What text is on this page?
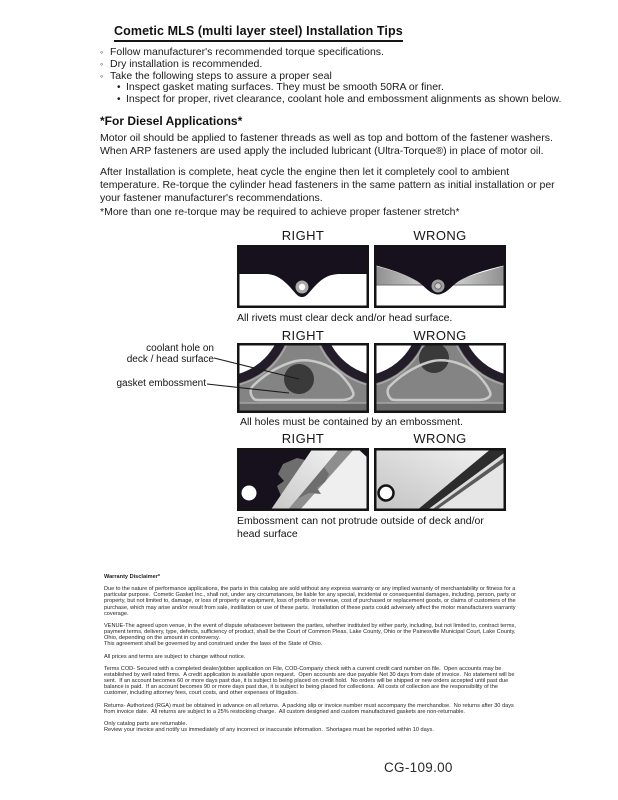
Cometic MLS (multi layer steel) Installation Tips
◦ Follow manufacturer's recommended torque specifications.
◦ Dry installation is recommended.
◦ Take the following steps to assure a proper seal
• Inspect gasket mating surfaces. They must be smooth 50RA or finer.
• Inspect for proper, rivet clearance, coolant hole and embossment alignments as shown below.
*For Diesel Applications*
Motor oil should be applied to fastener threads as well as top and bottom of the fastener washers. When ARP fasteners are used apply the included lubricant (Ultra-Torque®) in place of motor oil.
After Installation is complete, heat cycle the engine then let it completely cool to ambient temperature. Re-torque the cylinder head fasteners in the same pattern as initial installation or per your fastener manufacturer's recommendations.
*More than one re-torque may be required to achieve proper fastener stretch*
RIGHT	WRONG
All rivets must clear deck and/or head surface.
RIGHT	WRONG
coolant hole on
deck / head surface
gasket embossment
All holes must be contained by an embossment.
RIGHT	WRONG
Embossment can not protrude outside of deck and/or head surface

Warranty Disclaimer*

Due to the nature of performance applications, the parts in this catalog are sold without any express warranty or any implied warranty of merchantability or fitness for a particular purpose.  Cometic Gasket Inc., shall not, under any circumstances, be liable for any special, incidental or consequential damages, including, person, party or property, but not limited to, damage, or loss of property or equipment, loss of profits or revenue, cost of purchased or replacement goods, or claims of customers of the purchase, which may arise and/or result from sale, instillation or use of these parts.  Installation of these parts could adversely affect the motor manufacturers warranty coverage.

VENUE-The agreed upon venue, in the event of dispute whatsoever between the parties, whether instituted by either party, including, but not limited to, contract terms, payment terms, delivery, type, defects, sufficiency of product, shall be the Court of Common Pleas, Lake County, Ohio or the Painesville Municipal Court, Lake County, Ohio, depending on the amount in controversy.

This agreement shall be governed by and construed under the laws of the State of Ohio.

All prices and terms are subject to change without notice.

Terms COD- Secured with a completed dealer/jobber application on File, COD-Company check with a current credit card number on file.  Open accounts may be established by well rated firms.  A credit application is available upon request.  Open accounts are due payable Net 30 days from date of invoice.  No statement will be sent.  If an account becomes 60 or more days past due, it is subject to being placed on credit hold.  No orders will be shipped or new orders accepted until past due balance is paid.  If an account becomes 90 or more days past due, it is subject to being placed for collections.  All costs of collection are the responsibility of the customer, including attorney fees, court costs, and other expenses of litigation.

Returns- Authorized (RGA) must be obtained in advance on all returns.  A packing slip or invoice number must accompany the merchandise.  No returns after 30 days from invoice date.  All returns are subject to a 25% restocking charge.  All custom designed and custom manufactured gaskets are non-returnable.

Only catalog parts are returnable.

Review your invoice and notify us immediately of any incorrect or inaccurate information.  Shortages must be reported within 10 days.

CG-109.00
